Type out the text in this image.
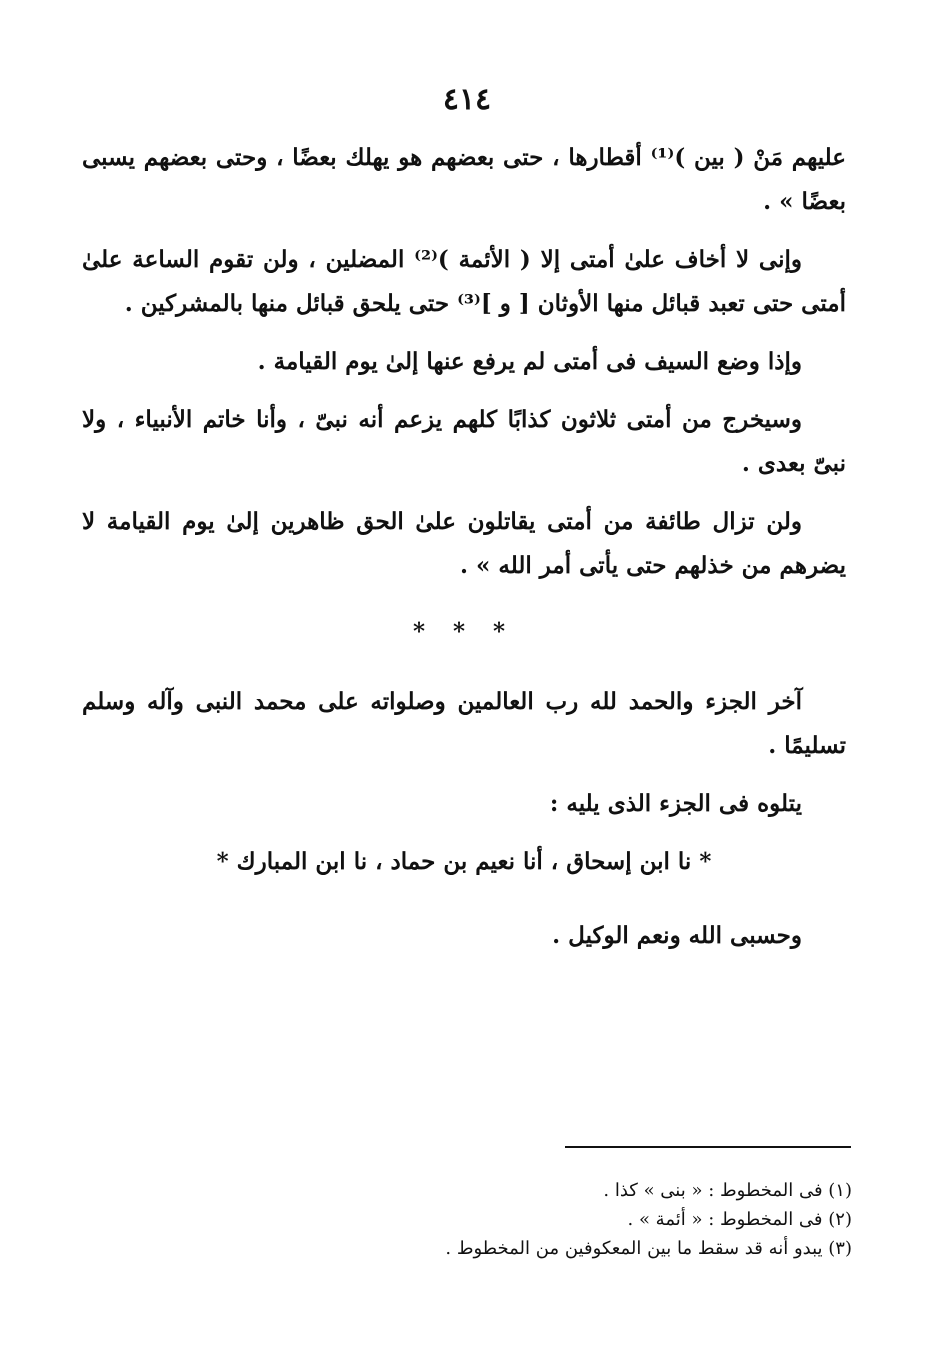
٤١٤

عليهم مَنْ ( بين )⁽¹⁾ أقطارها ، حتى بعضهم هو يهلك بعضًا ، وحتى بعضهم يسبى بعضًا » .

وإنى لا أخاف علىٰ أمتى إلا ( الأئمة )⁽²⁾ المضلين ، ولن تقوم الساعة علىٰ أمتى حتى تعبد قبائل منها الأوثان [ و ]⁽³⁾ حتى يلحق قبائل منها بالمشركين .

وإذا وضع السيف فى أمتى لم يرفع عنها إلىٰ يوم القيامة .

وسيخرج من أمتى ثلاثون كذابًا كلهم يزعم أنه نبىّ ، وأنا خاتم الأنبياء ، ولا نبىّ بعدى .

ولن تزال طائفة من أمتى يقاتلون علىٰ الحق ظاهرين إلىٰ يوم القيامة لا يضرهم من خذلهم حتى يأتى أمر الله » .

* * *

آخر الجزء والحمد لله رب العالمين وصلواته على محمد النبى وآله وسلم تسليمًا .

يتلوه فى الجزء الذى يليه :

* نا ابن إسحاق ، أنا نعيم بن حماد ، نا ابن المبارك *

وحسبى الله ونعم الوكيل .

(١) فى المخطوط : « بنى » كذا .

(٢) فى المخطوط : « أئمة » .

(٣) يبدو أنه قد سقط ما بين المعكوفين من المخطوط .
